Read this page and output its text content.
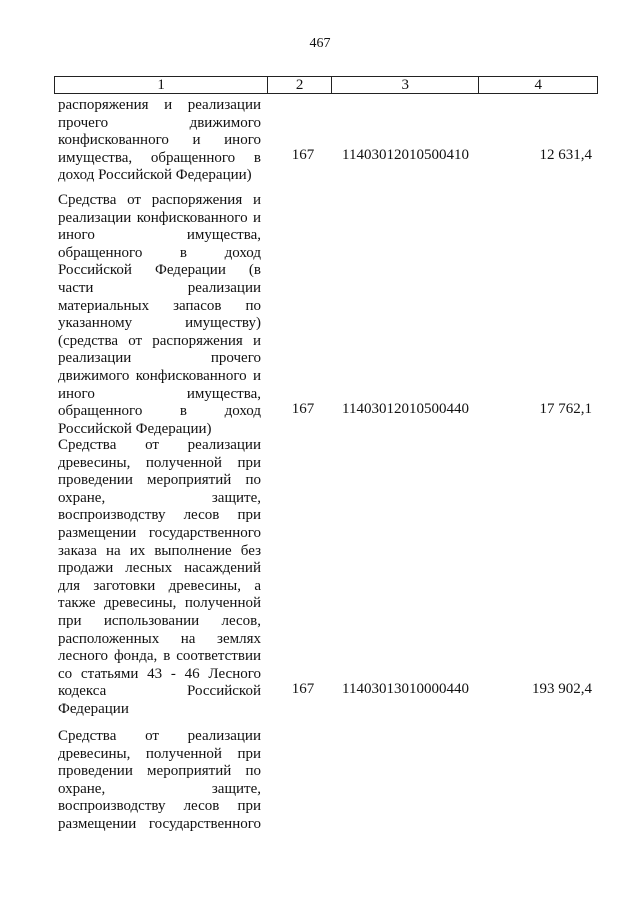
467
1	2	3	4
распоряжения и реализации
прочего движимого
конфискованного и иного
имущества, обращенного в
доход Российской Федерации)
167 11403012010500410	12 631,4
Средства от распоряжения и
реализации конфискованного и
иного имущества,
обращенного в доход
Российской Федерации (в
части реализации
материальных запасов по
указанному имуществу)
(средства от распоряжения и
реализации прочего
движимого конфискованного и
иного имущества,
обращенного в доход
Российской Федерации)
167 11403012010500440	17 762,1
Средства от реализации
древесины, полученной при
проведении мероприятий по
охране, защите,
воспроизводству лесов при
размещении государственного
заказа на их выполнение без
продажи лесных насаждений
для заготовки древесины, а
также древесины, полученной
при использовании лесов,
расположенных на землях
лесного фонда, в соответствии
со статьями 43 - 46 Лесного
кодекса Российской
Федерации
167 11403013010000440	193 902,4
Средства от реализации
древесины, полученной при
проведении мероприятий по
охране, защите,
воспроизводству лесов при
размещении государственного
